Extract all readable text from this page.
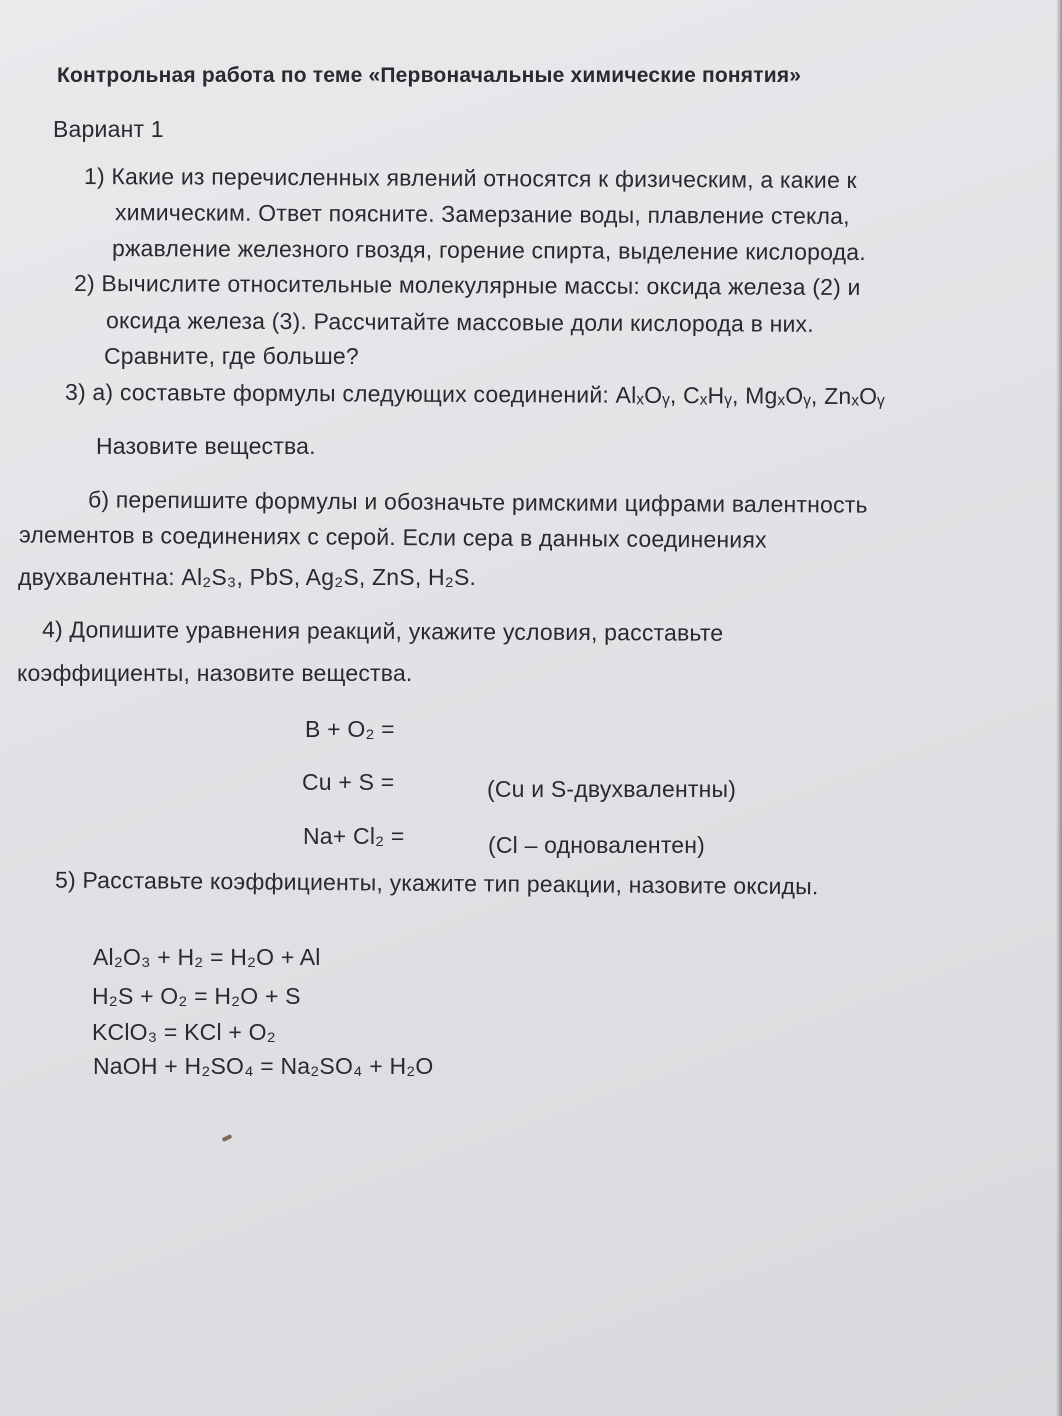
Контрольная работа по теме «Первоначальные химические понятия»
Вариант 1
1) Какие из перечисленных явлений относятся к физическим, а какие к
химическим. Ответ поясните. Замерзание воды, плавление стекла,
ржавление железного гвоздя, горение спирта, выделение кислорода.
2) Вычислите относительные молекулярные массы: оксида железа (2) и
оксида железа (3). Рассчитайте массовые доли кислорода в них.
Сравните, где больше?
3) а) составьте формулы следующих соединений: AlₓOᵧ, CₓHᵧ, MgₓOᵧ, ZnₓOᵧ
Назовите вещества.
б) перепишите формулы и обозначьте римскими цифрами валентность
элементов в соединениях с серой. Если сера в данных соединениях
двухвалентна: Al₂S₃, PbS, Ag₂S, ZnS, H₂S.
4) Допишите уравнения реакций, укажите условия, расставьте
коэффициенты, назовите вещества.
B + O₂ =
Cu + S =	(Cu и S-двухвалентны)
Na+ Cl₂ =	(Cl – одновалентен)
5) Расставьте коэффициенты, укажите тип реакции, назовите оксиды.
Al₂O₃ + H₂ = H₂O + Al
H₂S + O₂ = H₂O + S
KClO₃ = KCl + O₂
NaOH + H₂SO₄ = Na₂SO₄ + H₂O
